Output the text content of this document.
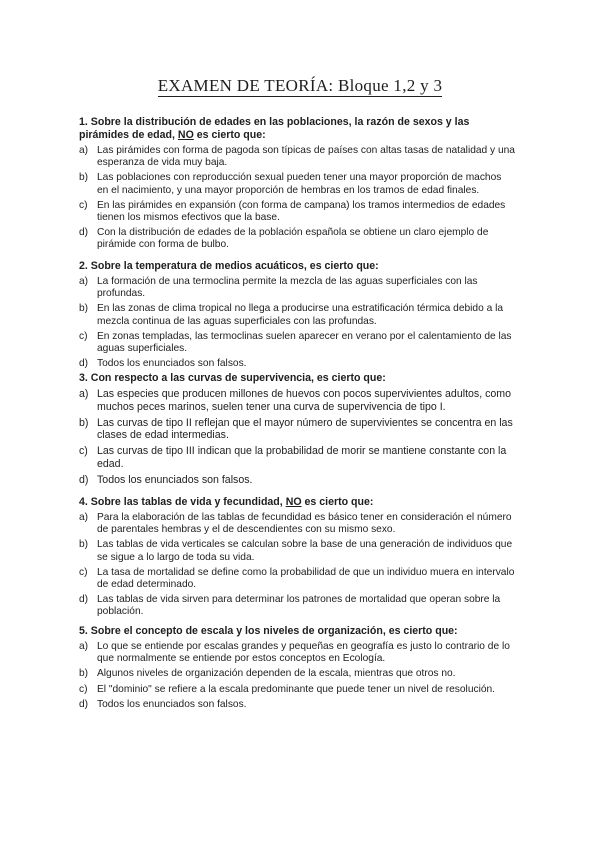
EXAMEN DE TEORÍA: Bloque 1,2 y 3

1. Sobre la distribución de edades en las poblaciones, la razón de sexos y las pirámides de edad, NO es cierto que:

a) Las pirámides con forma de pagoda son típicas de países con altas tasas de natalidad y una esperanza de vida muy baja.
b) Las poblaciones con reproducción sexual pueden tener una mayor proporción de machos en el nacimiento, y una mayor proporción de hembras en los tramos de edad finales.
c) En las pirámides en expansión (con forma de campana) los tramos intermedios de edades tienen los mismos efectivos que la base.
d) Con la distribución de edades de la población española se obtiene un claro ejemplo de pirámide con forma de bulbo.

2. Sobre la temperatura de medios acuáticos, es cierto que:

a) La formación de una termoclina permite la mezcla de las aguas superficiales con las profundas.
b) En las zonas de clima tropical no llega a producirse una estratificación térmica debido a la mezcla continua de las aguas superficiales con las profundas.
c) En zonas templadas, las termoclinas suelen aparecer en verano por el calentamiento de las aguas superficiales.
d) Todos los enunciados son falsos.

3. Con respecto a las curvas de supervivencia, es cierto que:

a) Las especies que producen millones de huevos con pocos supervivientes adultos, como muchos peces marinos, suelen tener una curva de supervivencia de tipo I.
b) Las curvas de tipo II reflejan que el mayor número de supervivientes se concentra en las clases de edad intermedias.
c) Las curvas de tipo III indican que la probabilidad de morir se mantiene constante con la edad.
d) Todos los enunciados son falsos.

4. Sobre las tablas de vida y fecundidad, NO es cierto que:

a) Para la elaboración de las tablas de fecundidad es básico tener en consideración el número de parentales hembras y el de descendientes con su mismo sexo.
b) Las tablas de vida verticales se calculan sobre la base de una generación de individuos que se sigue a lo largo de toda su vida.
c) La tasa de mortalidad se define como la probabilidad de que un individuo muera en intervalo de edad determinado.
d) Las tablas de vida sirven para determinar los patrones de mortalidad que operan sobre la población.

5. Sobre el concepto de escala y los niveles de organización, es cierto que:

a) Lo que se entiende por escalas grandes y pequeñas en geografía es justo lo contrario de lo que normalmente se entiende por estos conceptos en Ecología.
b) Algunos niveles de organización dependen de la escala, mientras que otros no.
c) El "dominio" se refiere a la escala predominante que puede tener un nivel de resolución.
d) Todos los enunciados son falsos.
